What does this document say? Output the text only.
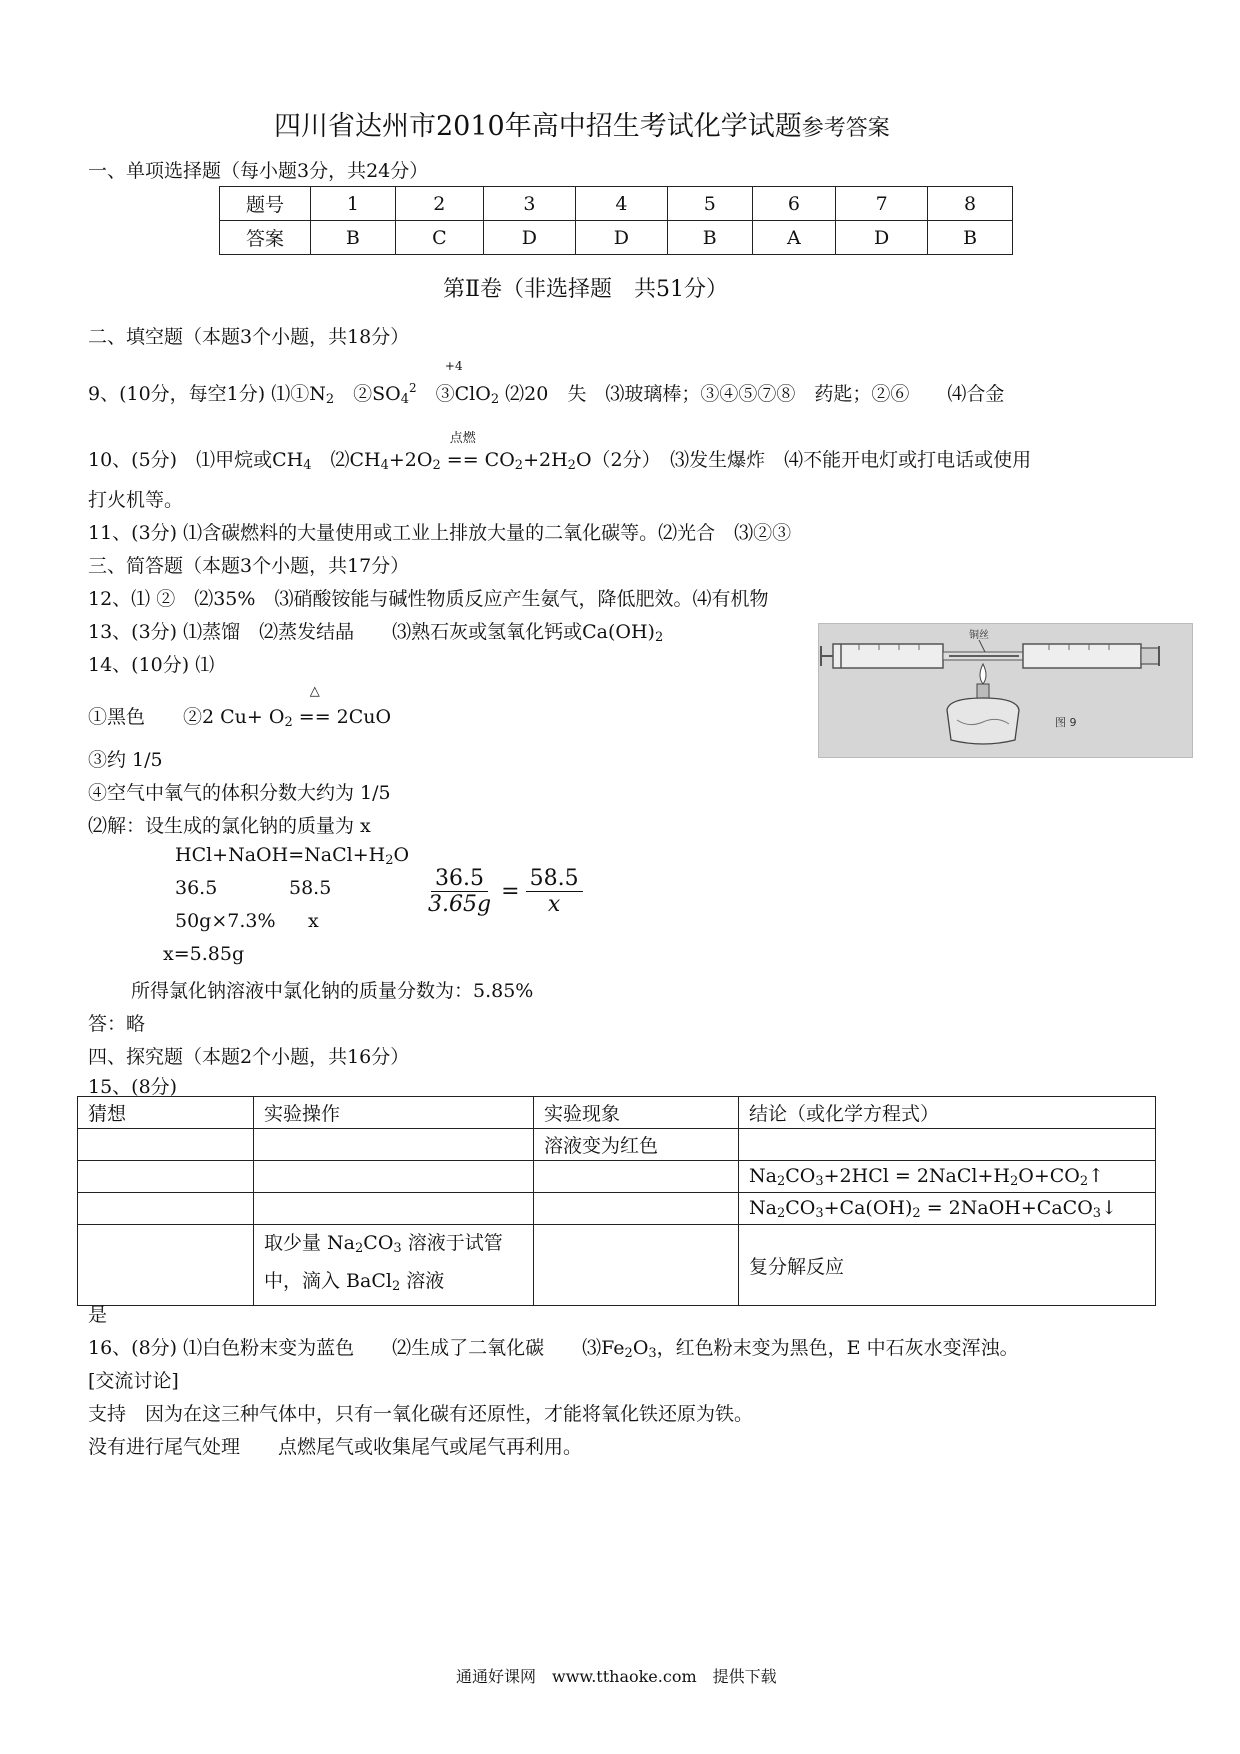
四川省达州市2010年高中招生考试化学试题参考答案
一、单项选择题（每小题3分，共24分）
题号	1	2	3	4	5	6	7	8
答案	B	C	D	D	B	A	D	B
第Ⅱ卷（非选择题　共51分）
二、填空题（本题3个小题，共18分）
9、(10分，每空1分) $⑴①N_2$　$②SO_4^2$
+4
　③ClO$_2$ ⑵20　失　⑶玻璃棒；③④⑤⑦⑧　药匙；②⑥　　⑷合金
10、(5分)　⑴甲烷或$CH_4$　$⑵CH_4+2O_2$
点燃
== $CO_2+2H_2O(2$分）　⑶发生爆炸　⑷不能开电灯或打电话或使用
打火机等。
11、(3分) ⑴含碳燃料的大量使用或工业上排放大量的二氧化碳等。⑵光合　⑶②③
三、简答题（本题3个小题，共17分）
12、⑴ ②　⑵35%　⑶硝酸铵能与碱性物质反应产生氨气，降低肥效。⑷有机物
13、(3分) ⑴蒸馏　⑵蒸发结晶　　⑶熟石灰或氢氧化钙或$Ca(OH)_2$
14、(10分) ⑴
①黑色　　②2 $Cu+ O_2$
△
== 2CuO
③约 1/5
④空气中氧气的体积分数大约为 1/5
⑵解：设生成的氯化钠的质量为 x
$HCl+NaOH=NaCl+H_2O$
36.5	58.5
50g×7.3% x
$\frac{36.5}{3.65g} = \frac{58.5}{x}$
x=5.85g
所得氯化钠溶液中氯化钠的质量分数为：5.85%
答：略
铜丝
图 9
四、探究题（本题2个小题，共16分）
15、(8分)
猜想	实验操作	实验现象	结论（或化学方程式）
		溶液变为红色	
			$Na_2CO_3+2HCl$ = $2NaCl+H_2O+CO_2↑$
			$Na_2CO_3+Ca(OH)_2$ = 2NaOH+CaCO$_3$↓
	取少量 $Na_2CO_3$ 溶液于试管
中，滴入 BaCl$_2$ 溶液		复分解反应
是
16、(8分) ⑴白色粉末变为蓝色　　⑵生成了二氧化碳　　$⑶Fe_2O_3$，红色粉末变为黑色，E 中石灰水变浑浊。
[交流讨论]
支持　因为在这三种气体中，只有一氧化碳有还原性，才能将氧化铁还原为铁。
没有进行尾气处理　　点燃尾气或收集尾气或尾气再利用。
通通好课网　www.tthaoke.com　提供下载
